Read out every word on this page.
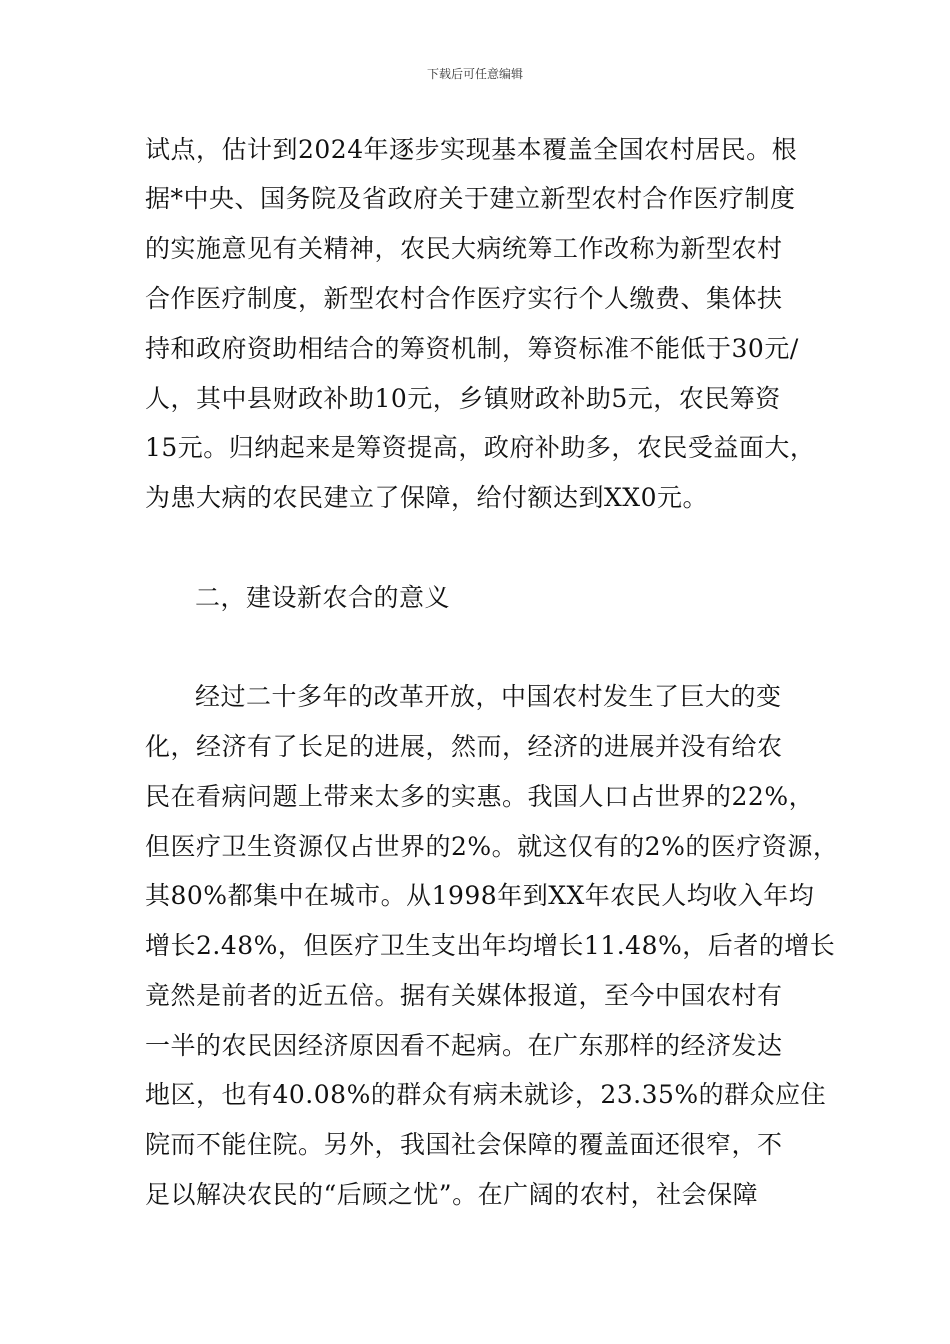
下载后可任意编辑
试点，估计到2024年逐步实现基本覆盖全国农村居民。根
据*中央、国务院及省政府关于建立新型农村合作医疗制度
的实施意见有关精神，农民大病统筹工作改称为新型农村
合作医疗制度，新型农村合作医疗实行个人缴费、集体扶
持和政府资助相结合的筹资机制，筹资标准不能低于30元/
人，其中县财政补助10元，乡镇财政补助5元，农民筹资
15元。归纳起来是筹资提高，政府补助多，农民受益面大，
为患大病的农民建立了保障，给付额达到XX0元。
二，建设新农合的意义
经过二十多年的改革开放，中国农村发生了巨大的变
化，经济有了长足的进展，然而，经济的进展并没有给农
民在看病问题上带来太多的实惠。我国人口占世界的22%，
但医疗卫生资源仅占世界的2%。就这仅有的2%的医疗资源，
其80%都集中在城市。从1998年到XX年农民人均收入年均
增长2.48%，但医疗卫生支出年均增长11.48%，后者的增长
竟然是前者的近五倍。据有关媒体报道，至今中国农村有
一半的农民因经济原因看不起病。在广东那样的经济发达
地区，也有40.08%的群众有病未就诊，23.35%的群众应住
院而不能住院。另外，我国社会保障的覆盖面还很窄，不
足以解决农民的“后顾之忧”。在广阔的农村，社会保障
